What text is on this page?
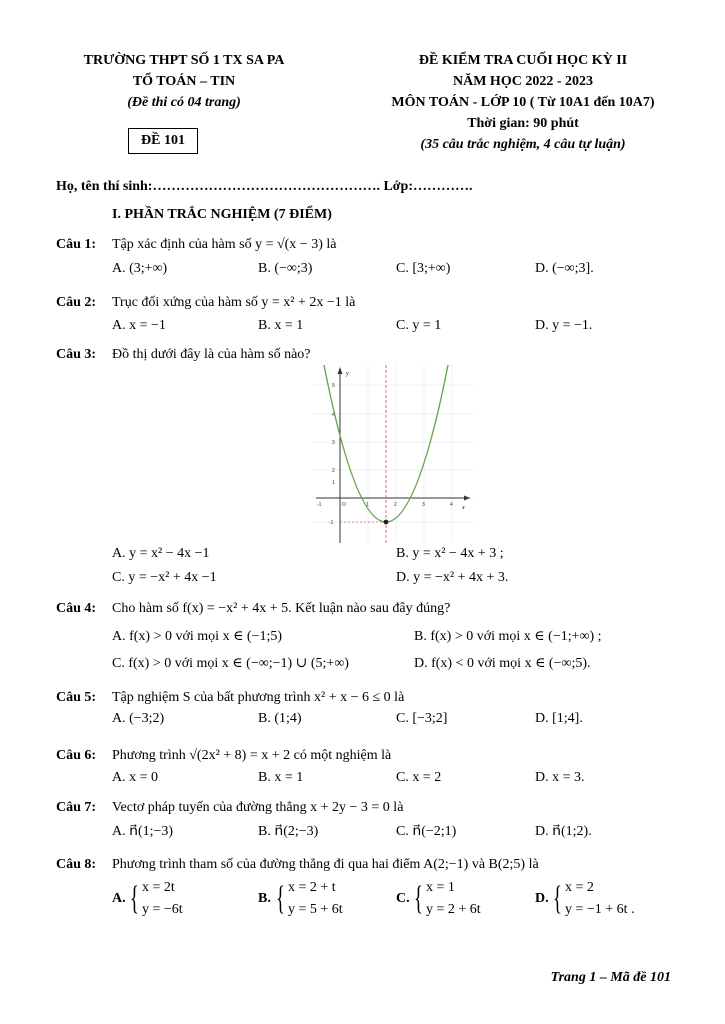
TRƯỜNG THPT SỐ 1 TX SA PA
TỔ TOÁN – TIN
(Đề thi có 04 trang)
ĐỀ 101
ĐỀ KIỂM TRA CUỐI HỌC KỲ II
NĂM HỌC 2022 - 2023
MÔN TOÁN - LỚP 10 ( Từ 10A1 đến 10A7)
Thời gian: 90 phút
(35 câu trắc nghiệm, 4 câu tự luận)
Họ, tên thí sinh:…………………………………………. Lớp:………….
I. PHẦN TRẮC NGHIỆM (7 ĐIỂM)
Câu 1: Tập xác định của hàm số y = √(x − 3) là
A. (3;+∞)	B. (−∞;3)	C. [3;+∞)	D. (−∞;3].
Câu 2: Trục đối xứng của hàm số y = x² + 2x −1 là
A. x = −1	B. x = 1	C. y = 1	D. y = −1.
Câu 3: Đồ thị dưới đây là của hàm số nào?
y
x
5
4
3
2
1
-1
-1	O	1	2	3	4
A. y = x² − 4x −1	B. y = x² − 4x + 3 ;
C. y = −x² + 4x −1	D. y = −x² + 4x + 3.
Câu 4: Cho hàm số f(x) = −x² + 4x + 5. Kết luận nào sau đây đúng?
A. f(x) > 0 với mọi x ∈ (−1;5)	B. f(x) > 0 với mọi x ∈ (−1;+∞) ;
C. f(x) > 0 với mọi x ∈ (−∞;−1) ∪ (5;+∞)	D. f(x) < 0 với mọi x ∈ (−∞;5).
Câu 5: Tập nghiệm S của bất phương trình x² + x − 6 ≤ 0 là
A. (−3;2)	B. (1;4)	C. [−3;2]	D. [1;4].
Câu 6: Phương trình √(2x² + 8) = x + 2 có một nghiệm là
A. x = 0	B. x = 1	C. x = 2	D. x = 3.
Câu 7: Vectơ pháp tuyến của đường thẳng x + 2y − 3 = 0 là
A. n⃗(1;−3)	B. n⃗(2;−3)	C. n⃗(−2;1)	D. n⃗(1;2).
Câu 8: Phương trình tham số của đường thẳng đi qua hai điểm A(2;−1) và B(2;5) là
A. { x = 2t
y = −6t
B. { x = 2 + t
y = 5 + 6t
C. { x = 1
y = 2 + 6t
D. { x = 2
y = −1 + 6t .
Trang 1 – Mã đề 101
